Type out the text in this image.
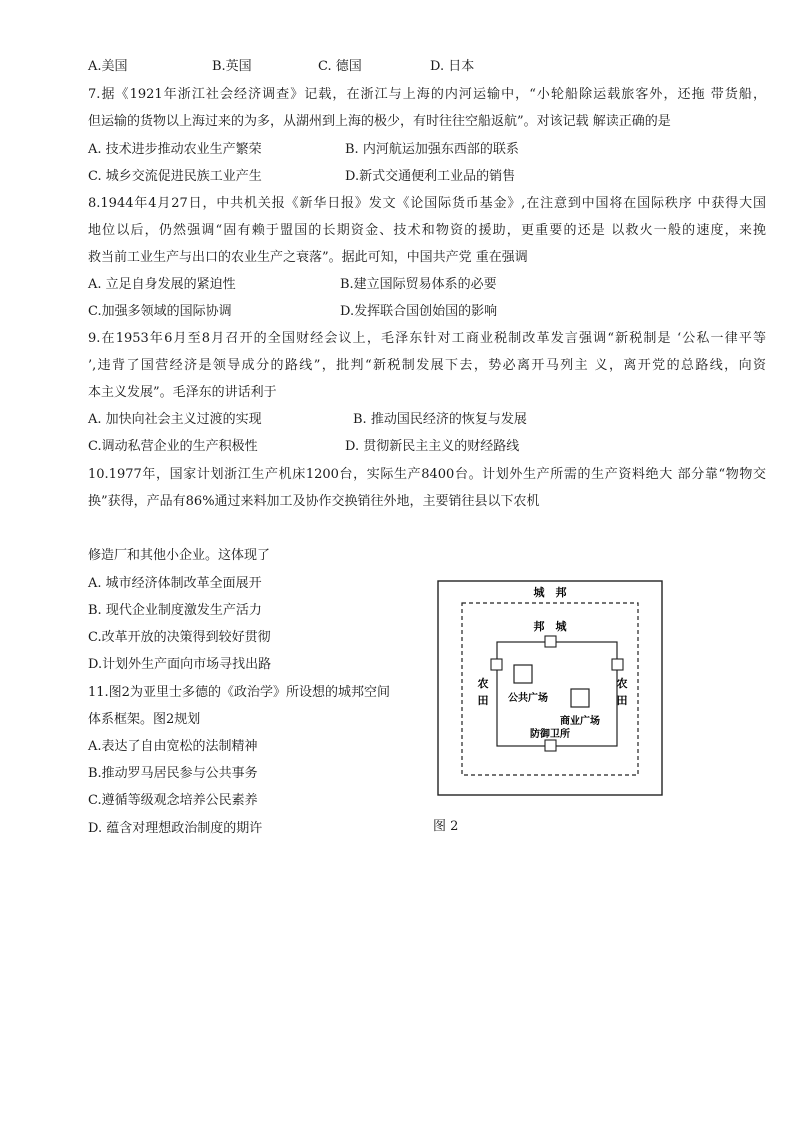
A.美国	B.英国	C. 德国	D. 日本
7.据《1921年浙江社会经济调查》记载，在浙江与上海的内河运输中，“小轮船除运载旅客外，还拖 带货船，
但运输的货物以上海过来的为多，从湖州到上海的极少，有时往往空船返航”。对该记载 解读正确的是
A. 技术进步推动农业生产繁荣	B. 内河航运加强东西部的联系
C. 城乡交流促进民族工业产生	D.新式交通便利工业品的销售
8.1944年4月27日，中共机关报《新华日报》发文《论国际货币基金》,在注意到中国将在国际秩序 中获得大国
地位以后，仍然强调“固有赖于盟国的长期资金、技术和物资的援助，更重要的还是 以救火一般的速度，来挽
救当前工业生产与出口的农业生产之衰落”。据此可知，中国共产党 重在强调
A. 立足自身发展的紧迫性	B.建立国际贸易体系的必要
C.加强多领域的国际协调	D.发挥联合国创始国的影响
9.在1953年6月至8月召开的全国财经会议上，毛泽东针对工商业税制改革发言强调“新税制是 ‘公私一律平等
’,违背了国营经济是领导成分的路线”，批判“新税制发展下去，势必离开马列主 义，离开党的总路线，向资
本主义发展”。毛泽东的讲话利于
A. 加快向社会主义过渡的实现	B. 推动国民经济的恢复与发展
C.调动私营企业的生产积极性	D. 贯彻新民主主义的财经路线
10.1977年，国家计划浙江生产机床1200台，实际生产8400台。计划外生产所需的生产资料绝大 部分靠“物物交
换”获得，产品有86%通过来料加工及协作交换销往外地，主要销往县以下农机
修造厂和其他小企业。这体现了
A. 城市经济体制改革全面展开
B. 现代企业制度激发生产活力
C.改革开放的决策得到较好贯彻
D.计划外生产面向市场寻找出路
11.图2为亚里士多德的《政治学》所设想的城邦空间
体系框架。图2规划
A.表达了自由宽松的法制精神
B.推动罗马居民参与公共事务
C.遵循等级观念培养公民素养
D. 蕴含对理想政治制度的期许
城　邦
邦　城
农
田
农
田
公共广场
商业广场
防御卫所
图 2
